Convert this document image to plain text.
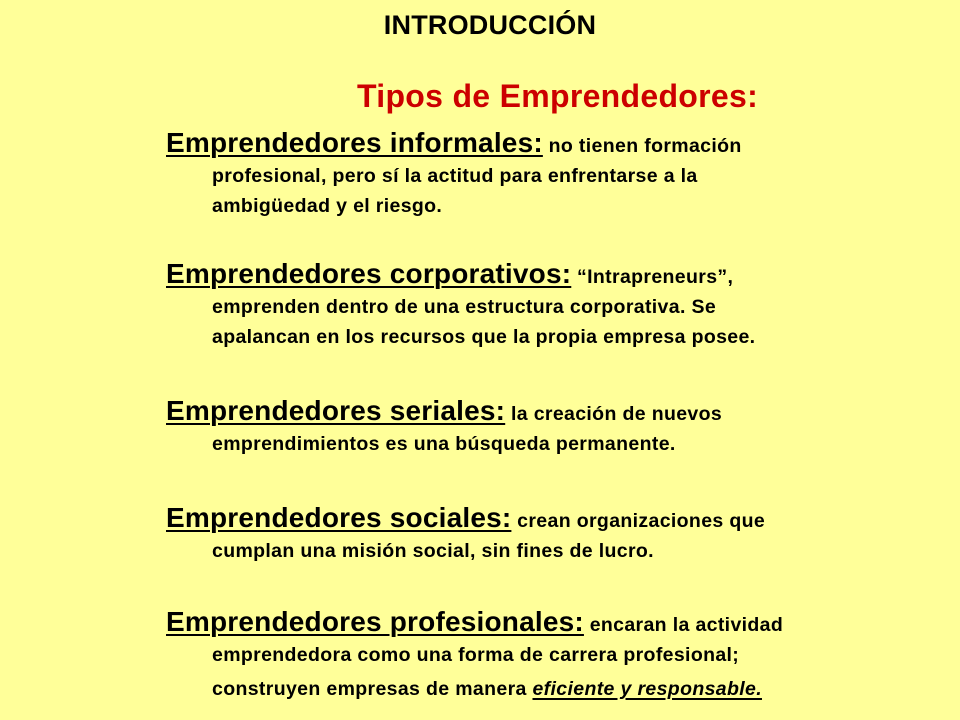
INTRODUCCIÓN
Tipos de Emprendedores:
Emprendedores informales: no tienen formación
profesional, pero sí la actitud para enfrentarse a la
ambigüedad y el riesgo.
Emprendedores corporativos: “Intrapreneurs”,
emprenden dentro de una estructura corporativa. Se
apalancan en los recursos que la propia empresa posee.
Emprendedores seriales: la creación de nuevos
emprendimientos es una búsqueda permanente.
Emprendedores sociales: crean organizaciones que
cumplan una misión social, sin fines de lucro.
Emprendedores profesionales: encaran la actividad
emprendedora como una forma de carrera profesional;
construyen empresas de manera eficiente y responsable.
